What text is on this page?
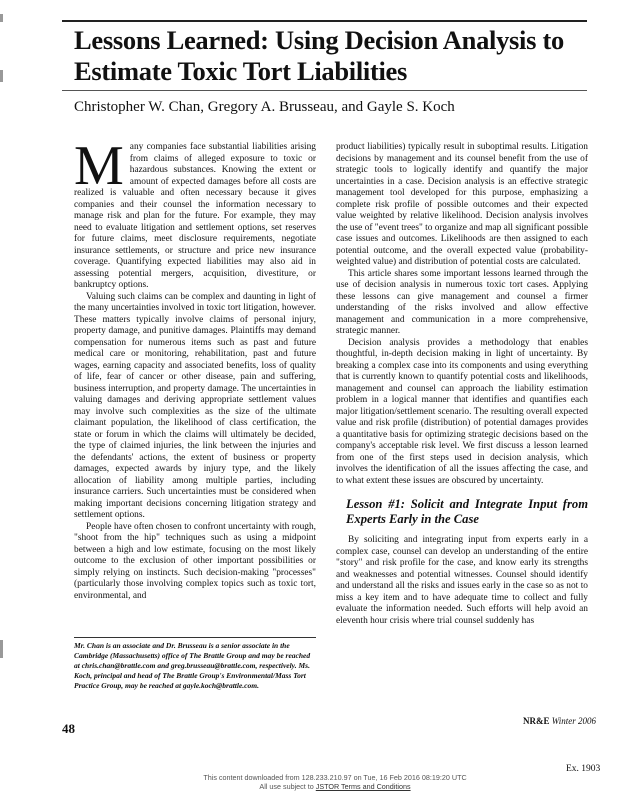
Lessons Learned: Using Decision Analysis to Estimate Toxic Tort Liabilities
Christopher W. Chan, Gregory A. Brusseau, and Gayle S. Koch

Many companies face substantial liabilities arising from claims of alleged exposure to toxic or hazardous substances. Knowing the extent or amount of expected damages before all costs are realized is valuable and often necessary because it gives companies and their counsel the information necessary to manage risk and plan for the future. For example, they may need to evaluate litigation and settlement options, set reserves for future claims, meet disclosure requirements, negotiate insurance settlements, or structure and price new insurance coverage. Quantifying expected liabilities may also aid in assessing potential mergers, acquisition, divestiture, or bankruptcy options.

Valuing such claims can be complex and daunting in light of the many uncertainties involved in toxic tort litigation, however. These matters typically involve claims of personal injury, property damage, and punitive damages. Plaintiffs may demand compensation for numerous items such as past and future medical care or monitoring, rehabilitation, past and future wages, earning capacity and associated benefits, loss of quality of life, fear of cancer or other disease, pain and suffering, business interruption, and property damage. The uncertainties in valuing damages and deriving appropriate settlement values may involve such complexities as the size of the ultimate claimant population, the likelihood of class certification, the state or forum in which the claims will ultimately be decided, the type of claimed injuries, the link between the injuries and the defendants' actions, the extent of business or property damages, expected awards by injury type, and the likely allocation of liability among multiple parties, including insurance carriers. Such uncertainties must be considered when making important decisions concerning litigation strategy and settlement options.

People have often chosen to confront uncertainty with rough, "shoot from the hip" techniques such as using a midpoint between a high and low estimate, focusing on the most likely outcome to the exclusion of other important possibilities or simply relying on instincts. Such decision-making "processes" (particularly those involving complex topics such as toxic tort, environmental, and

product liabilities) typically result in suboptimal results. Litigation decisions by management and its counsel benefit from the use of strategic tools to logically identify and quantify the major uncertainties in a case. Decision analysis is an effective strategic management tool developed for this purpose, emphasizing a complete risk profile of possible outcomes and their expected value weighted by relative likelihood. Decision analysis involves the use of "event trees" to organize and map all significant possible case issues and outcomes. Likelihoods are then assigned to each potential outcome, and the overall expected value (probability-weighted value) and distribution of potential costs are calculated.

This article shares some important lessons learned through the use of decision analysis in numerous toxic tort cases. Applying these lessons can give management and counsel a firmer understanding of the risks involved and allow effective management and communication in a more comprehensive, strategic manner.

Decision analysis provides a methodology that enables thoughtful, in-depth decision making in light of uncertainty. By breaking a complex case into its components and using everything that is currently known to quantify potential costs and likelihoods, management and counsel can approach the liability estimation problem in a logical manner that identifies and quantifies each major litigation/settlement scenario. The resulting overall expected value and risk profile (distribution) of potential damages provides a quantitative basis for optimizing strategic decisions based on the company's acceptable risk level. We first discuss a lesson learned from one of the first steps used in decision analysis, which involves the identification of all the issues affecting the case, and to what extent these issues are obscured by uncertainty.

Lesson #1: Solicit and Integrate Input from Experts Early in the Case

By soliciting and integrating input from experts early in a complex case, counsel can develop an understanding of the entire "story" and risk profile for the case, and know early its strengths and weaknesses and potential witnesses. Counsel should identify and understand all the risks and issues early in the case so as not to miss a key item and to have adequate time to collect and fully evaluate the information needed. Such efforts will help avoid an eleventh hour crisis where trial counsel suddenly has

Mr. Chan is an associate and Dr. Brusseau is a senior associate in the Cambridge (Massachusetts) office of The Brattle Group and may be reached at chris.chan@brattle.com and greg.brusseau@brattle.com, respectively. Ms. Koch, principal and head of The Brattle Group's Environmental/Mass Tort Practice Group, may be reached at gayle.koch@brattle.com.
48	NR&E Winter 2006
Ex. 1903
This content downloaded from 128.233.210.97 on Tue, 16 Feb 2016 08:19:20 UTC
All use subject to JSTOR Terms and Conditions
